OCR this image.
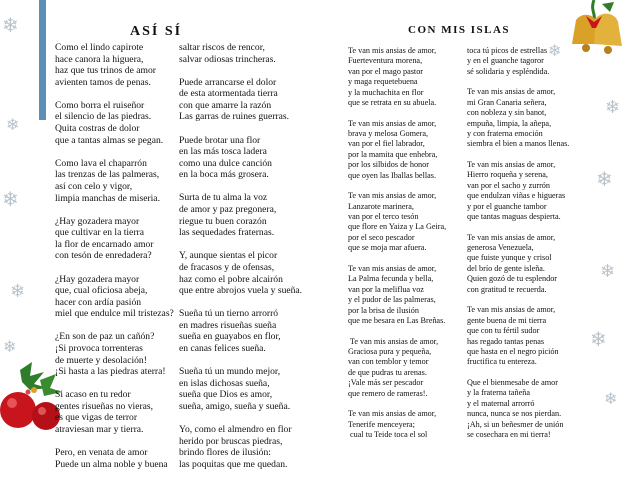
❄
❄
❄
❄
❄
❄
❄
❄
❄
❄
❄
ASÍ SÍ
Como el lindo capirote
hace canora la higuera,
haz que tus trinos de amor
avienten tamos de penas.
Como borra el ruiseñor
el silencio de las piedras.
Quita costras de dolor
que a tantas almas se pegan.
Como lava el chaparrón
las trenzas de las palmeras,
así con celo y vigor,
limpia manchas de miseria.
¿Hay gozadera mayor
que cultivar en la tierra
la flor de encarnado amor
con tesón de enredadera?
¿Hay gozadera mayor
que, cual oficiosa abeja,
hacer con ardía pasión
miel que endulce mil tristezas?
¿En son de paz un cañón?
¡Si provoca torrenteras
de muerte y desolación!
¡Si hasta a las piedras aterra!
Si acaso en tu redor
gentes risueñas no vieras,
es que vigas de terror
atraviesan mar y tierra.
Pero, en venata de amor
Puede un alma noble y buena
saltar riscos de rencor,
salvar odiosas trincheras.
Puede arrancarse el dolor
de esta atormentada tierra
con que amarre la razón
Las garras de ruines guerras.
Puede brotar una flor
en las más tosca ladera
como una dulce canción
en la boca más grosera.
Surta de tu alma la voz
de amor y paz pregonera,
riegue tu buen corazón
las sequedades fraternas.
Y, aunque sientas el picor
de fracasos y de ofensas,
haz como el pobre alcairón
que entre abrojos vuela y sueña.
Sueña tú un tierno arrorró
en madres risueñas sueña
sueña en guayabos en flor,
en canas felices sueña.
Sueña tú un mundo mejor,
en islas dichosas sueña,
sueña que Dios es amor,
sueña, amigo, sueña y sueña.
Yo, como el almendro en flor
herido por bruscas piedras,
brindo flores de ilusión:
las poquitas que me quedan.
CON MIS ISLAS
Te van mis ansias de amor,
Fuerteventura morena,
van por el mago pastor
y maga requetebuena
y la muchachita en flor
que se retrata en su abuela.
Te van mis ansias de amor,
brava y melosa Gomera,
van por el fiel labrador,
por la mamita que enhebra,
por los silbidos de honor
que oyen las Iballas bellas.
Te van mis ansias de amor,
Lanzarote marinera,
van por el terco tesón
que flore en Yaiza y La Geira,
por el seco pescador
que se moja mar afuera.
Te van mis ansias de amor,
La Palma fecunda y bella,
van por la meliflua voz
y el pudor de las palmeras,
por la brisa de ilusión
que me besara en Las Breñas.
Te van mis ansias de amor,
Graciosa pura y pequeña,
van con temblor y temor
de que pudras tu arenas.
¡Vale más ser pescador
que remero de rameras!.
Te van mis ansias de amor,
Tenerife menceyera;
cual tu Teide toca el sol
toca tú picos de estrellas
y en el guanche tagoror
sé solidaria y espléndida.
Te van mis ansias de amor,
mi Gran Canaria señera,
con nobleza y sin banot,
empuña, limpia, la añepa,
y con fraterna emoción
siembra el bien a manos llenas.
Te van mis ansias de amor,
Hierro roqueña y serena,
van por el sacho y zurrón
que endulzan viñas e higueras
y por el guanche tambor
que tantas maguas despierta.
Te van mis ansias de amor,
generosa Venezuela,
que fuiste yunque y crisol
del brío de gente isleña.
Quien gozó de tu esplendor
con gratitud te recuerda.
Te van mis ansias de amor,
gente buena de mi tierra
que con tu fértil sudor
has regado tantas penas
que hasta en el negro pición
fructifica tu entereza.
Que el bienmesabe de amor
y la fraterna tañeña
y el maternal arrorró
nunca, nunca se nos pierdan.
¡Ah, si un beñesmer de unión
se cosechara en mi tierra!
